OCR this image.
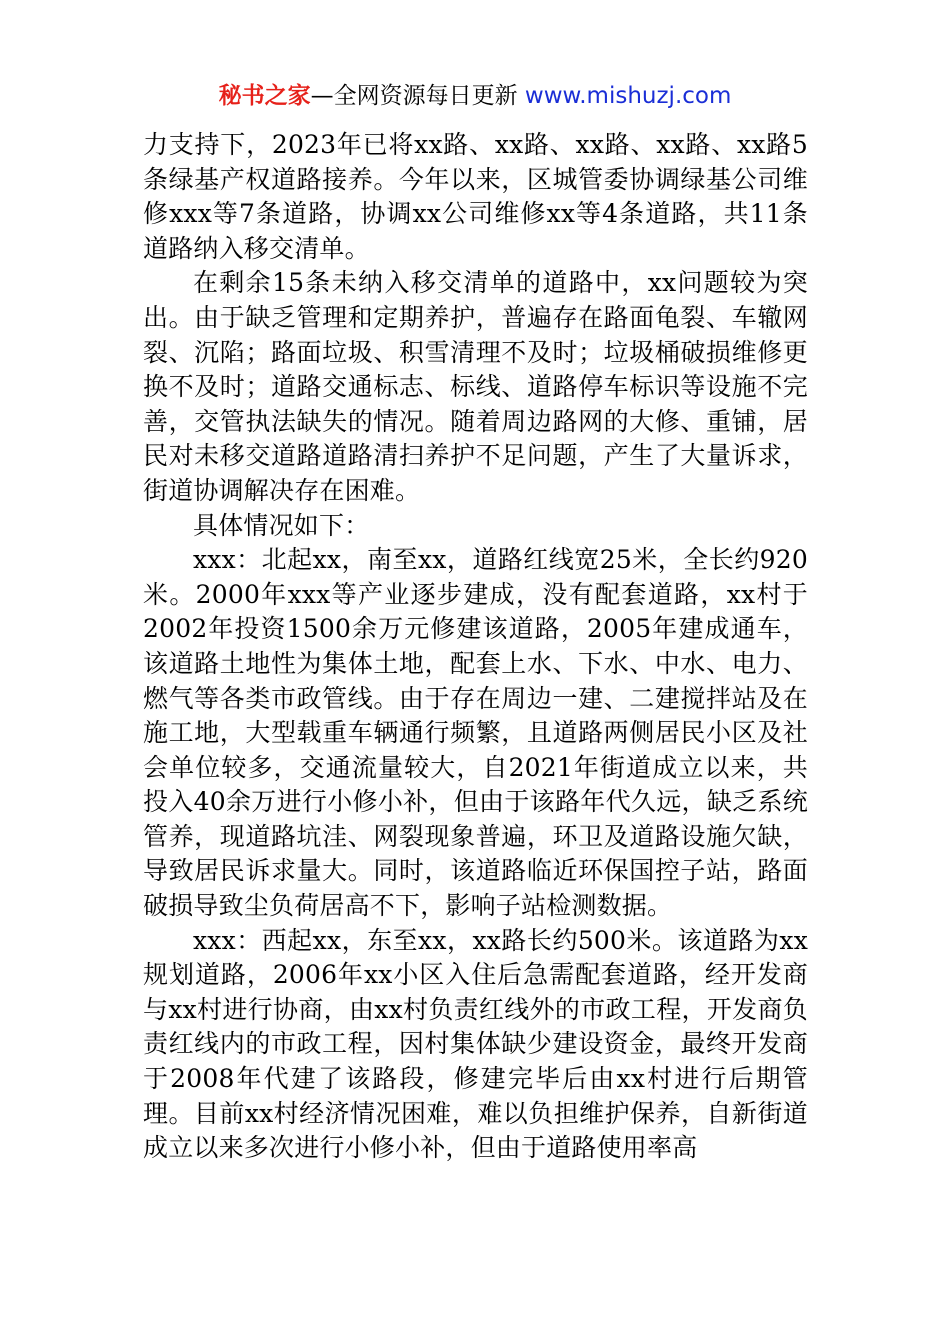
秘书之家—全网资源每日更新 www.mishuzj.com

力支持下，2023年已将xx路、xx路、xx路、xx路、xx路5条绿基产权道路接养。今年以来，区城管委协调绿基公司维修xxx等7条道路，协调xx公司维修xx等4条道路，共11条道路纳入移交清单。

在剩余15条未纳入移交清单的道路中，xx问题较为突出。由于缺乏管理和定期养护，普遍存在路面龟裂、车辙网裂、沉陷；路面垃圾、积雪清理不及时；垃圾桶破损维修更换不及时；道路交通标志、标线、道路停车标识等设施不完善，交管执法缺失的情况。随着周边路网的大修、重铺，居民对未移交道路道路清扫养护不足问题，产生了大量诉求，街道协调解决存在困难。

具体情况如下：

xxx：北起xx，南至xx，道路红线宽25米，全长约920米。2000年xxx等产业逐步建成，没有配套道路，xx村于2002年投资1500余万元修建该道路，2005年建成通车，该道路土地性为集体土地，配套上水、下水、中水、电力、燃气等各类市政管线。由于存在周边一建、二建搅拌站及在施工地，大型载重车辆通行频繁，且道路两侧居民小区及社会单位较多，交通流量较大，自2021年街道成立以来，共投入40余万进行小修小补，但由于该路年代久远，缺乏系统管养，现道路坑洼、网裂现象普遍，环卫及道路设施欠缺，导致居民诉求量大。同时，该道路临近环保国控子站，路面破损导致尘负荷居高不下，影响子站检测数据。

xxx：西起xx，东至xx，xx路长约500米。该道路为xx规划道路，2006年xx小区入住后急需配套道路，经开发商与xx村进行协商，由xx村负责红线外的市政工程，开发商负责红线内的市政工程，因村集体缺少建设资金，最终开发商于2008年代建了该路段，修建完毕后由xx村进行后期管理。目前xx村经济情况困难，难以负担维护保养，自新街道成立以来多次进行小修小补，但由于道路使用率高
